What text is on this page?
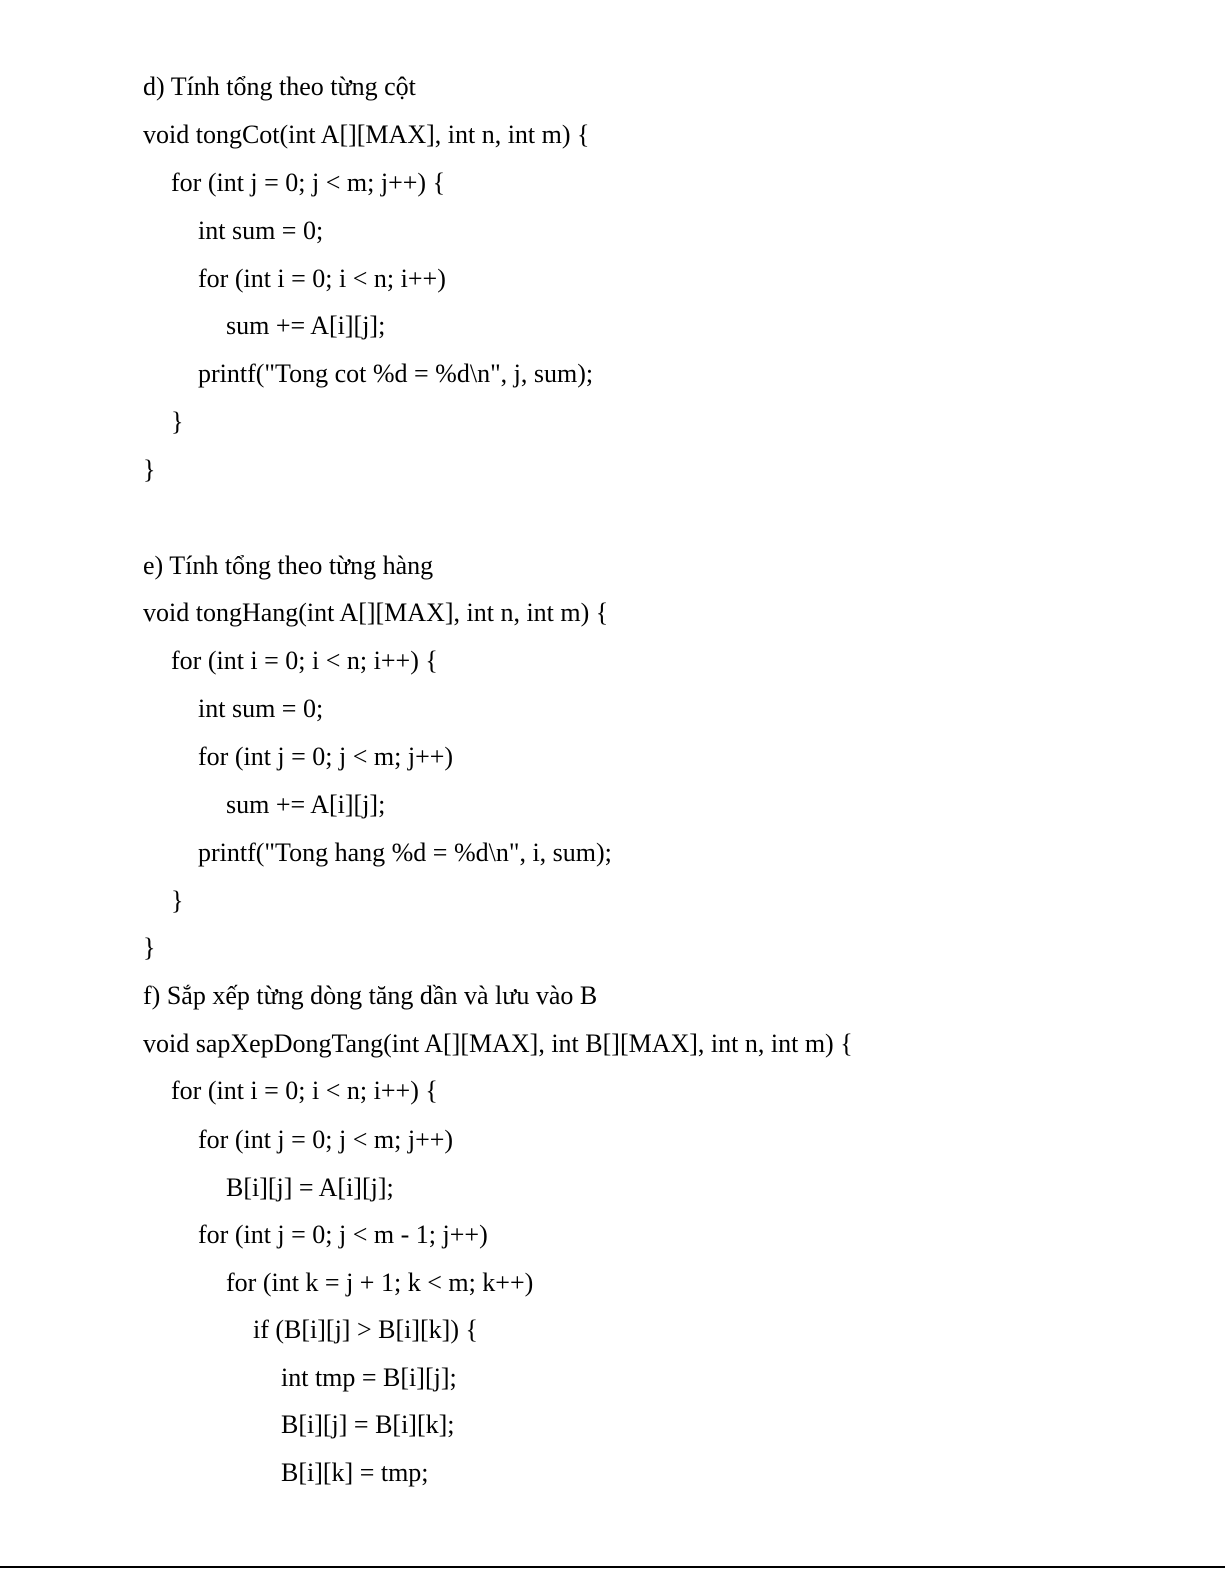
d) Tính tổng theo từng cột

void tongCot(int A[][MAX], int n, int m) {

for (int j = 0; j < m; j++) {

int sum = 0;

for (int i = 0; i < n; i++)

sum += A[i][j];

printf("Tong cot %d = %d\n", j, sum);

}

}

e) Tính tổng theo từng hàng

void tongHang(int A[][MAX], int n, int m) {

for (int i = 0; i < n; i++) {

int sum = 0;

for (int j = 0; j < m; j++)

sum += A[i][j];

printf("Tong hang %d = %d\n", i, sum);

}

}

f) Sắp xếp từng dòng tăng dần và lưu vào B

void sapXepDongTang(int A[][MAX], int B[][MAX], int n, int m) {

for (int i = 0; i < n; i++) {

for (int j = 0; j < m; j++)

B[i][j] = A[i][j];

for (int j = 0; j < m - 1; j++)

for (int k = j + 1; k < m; k++)

if (B[i][j] > B[i][k]) {

int tmp = B[i][j];

B[i][j] = B[i][k];

B[i][k] = tmp;
